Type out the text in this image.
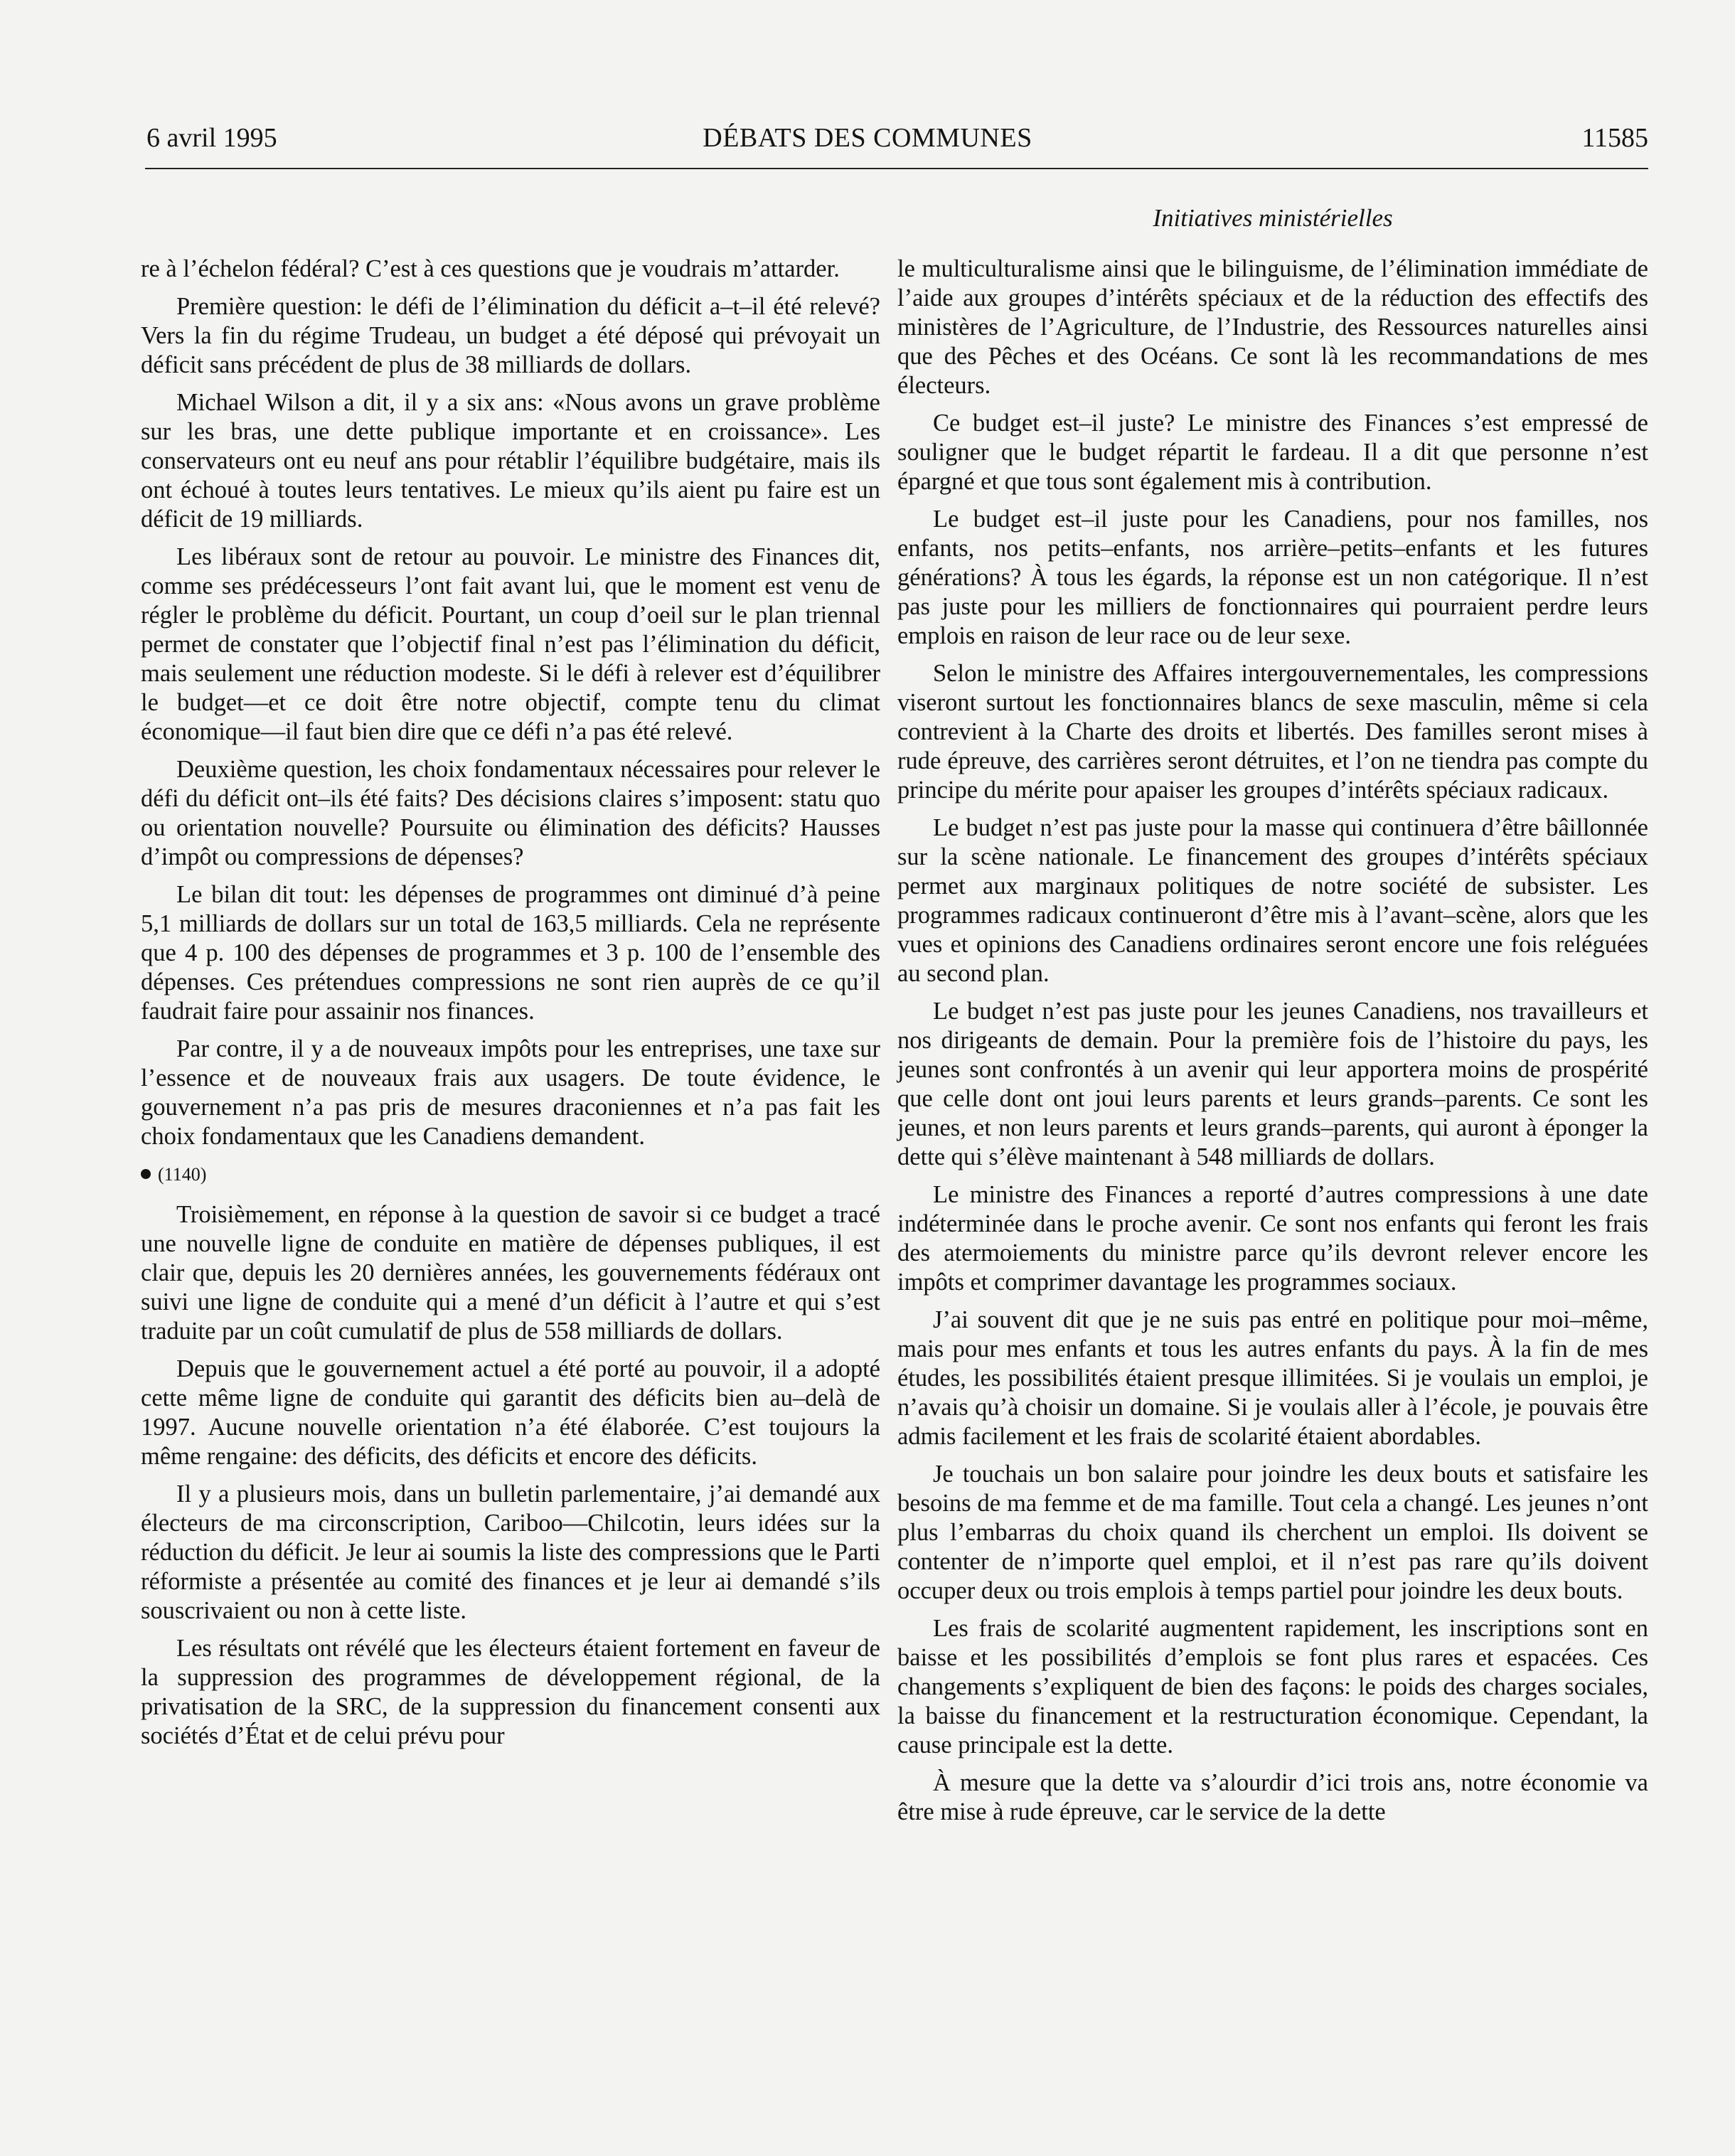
6 avril 1995	DÉBATS DES COMMUNES	11585
Initiatives ministérielles

re à l’échelon fédéral? C’est à ces questions que je voudrais m’attarder.

Première question: le défi de l’élimination du déficit a–t–il été relevé? Vers la fin du régime Trudeau, un budget a été déposé qui prévoyait un déficit sans précédent de plus de 38 milliards de dollars.

Michael Wilson a dit, il y a six ans: «Nous avons un grave problème sur les bras, une dette publique importante et en croissance». Les conservateurs ont eu neuf ans pour rétablir l’équilibre budgétaire, mais ils ont échoué à toutes leurs tentatives. Le mieux qu’ils aient pu faire est un déficit de 19 milliards.

Les libéraux sont de retour au pouvoir. Le ministre des Finances dit, comme ses prédécesseurs l’ont fait avant lui, que le moment est venu de régler le problème du déficit. Pourtant, un coup d’oeil sur le plan triennal permet de constater que l’objectif final n’est pas l’élimination du déficit, mais seulement une réduction modeste. Si le défi à relever est d’équilibrer le budget—et ce doit être notre objectif, compte tenu du climat économique—il faut bien dire que ce défi n’a pas été relevé.

Deuxième question, les choix fondamentaux nécessaires pour relever le défi du déficit ont–ils été faits? Des décisions claires s’imposent: statu quo ou orientation nouvelle? Poursuite ou élimination des déficits? Hausses d’impôt ou compressions de dépenses?

Le bilan dit tout: les dépenses de programmes ont diminué d’à peine 5,1 milliards de dollars sur un total de 163,5 milliards. Cela ne représente que 4 p. 100 des dépenses de programmes et 3 p. 100 de l’ensemble des dépenses. Ces prétendues compressions ne sont rien auprès de ce qu’il faudrait faire pour assainir nos finances.

Par contre, il y a de nouveaux impôts pour les entreprises, une taxe sur l’essence et de nouveaux frais aux usagers. De toute évidence, le gouvernement n’a pas pris de mesures draconiennes et n’a pas fait les choix fondamentaux que les Canadiens demandent.

(1140)

Troisièmement, en réponse à la question de savoir si ce budget a tracé une nouvelle ligne de conduite en matière de dépenses publiques, il est clair que, depuis les 20 dernières années, les gouvernements fédéraux ont suivi une ligne de conduite qui a mené d’un déficit à l’autre et qui s’est traduite par un coût cumulatif de plus de 558 milliards de dollars.

Depuis que le gouvernement actuel a été porté au pouvoir, il a adopté cette même ligne de conduite qui garantit des déficits bien au–delà de 1997. Aucune nouvelle orientation n’a été élaborée. C’est toujours la même rengaine: des déficits, des déficits et encore des déficits.

Il y a plusieurs mois, dans un bulletin parlementaire, j’ai demandé aux électeurs de ma circonscription, Cariboo—Chilcotin, leurs idées sur la réduction du déficit. Je leur ai soumis la liste des compressions que le Parti réformiste a présentée au comité des finances et je leur ai demandé s’ils souscrivaient ou non à cette liste.

Les résultats ont révélé que les électeurs étaient fortement en faveur de la suppression des programmes de développement régional, de la privatisation de la SRC, de la suppression du financement consenti aux sociétés d’État et de celui prévu pour

le multiculturalisme ainsi que le bilinguisme, de l’élimination immédiate de l’aide aux groupes d’intérêts spéciaux et de la réduction des effectifs des ministères de l’Agriculture, de l’Industrie, des Ressources naturelles ainsi que des Pêches et des Océans. Ce sont là les recommandations de mes électeurs.

Ce budget est–il juste? Le ministre des Finances s’est empressé de souligner que le budget répartit le fardeau. Il a dit que personne n’est épargné et que tous sont également mis à contribution.

Le budget est–il juste pour les Canadiens, pour nos familles, nos enfants, nos petits–enfants, nos arrière–petits–enfants et les futures générations? À tous les égards, la réponse est un non catégorique. Il n’est pas juste pour les milliers de fonctionnaires qui pourraient perdre leurs emplois en raison de leur race ou de leur sexe.

Selon le ministre des Affaires intergouvernementales, les compressions viseront surtout les fonctionnaires blancs de sexe masculin, même si cela contrevient à la Charte des droits et libertés. Des familles seront mises à rude épreuve, des carrières seront détruites, et l’on ne tiendra pas compte du principe du mérite pour apaiser les groupes d’intérêts spéciaux radicaux.

Le budget n’est pas juste pour la masse qui continuera d’être bâillonnée sur la scène nationale. Le financement des groupes d’intérêts spéciaux permet aux marginaux politiques de notre société de subsister. Les programmes radicaux continueront d’être mis à l’avant–scène, alors que les vues et opinions des Canadiens ordinaires seront encore une fois reléguées au second plan.

Le budget n’est pas juste pour les jeunes Canadiens, nos travailleurs et nos dirigeants de demain. Pour la première fois de l’histoire du pays, les jeunes sont confrontés à un avenir qui leur apportera moins de prospérité que celle dont ont joui leurs parents et leurs grands–parents. Ce sont les jeunes, et non leurs parents et leurs grands–parents, qui auront à éponger la dette qui s’élève maintenant à 548 milliards de dollars.

Le ministre des Finances a reporté d’autres compressions à une date indéterminée dans le proche avenir. Ce sont nos enfants qui feront les frais des atermoiements du ministre parce qu’ils devront relever encore les impôts et comprimer davantage les programmes sociaux.

J’ai souvent dit que je ne suis pas entré en politique pour moi–même, mais pour mes enfants et tous les autres enfants du pays. À la fin de mes études, les possibilités étaient presque illimitées. Si je voulais un emploi, je n’avais qu’à choisir un domaine. Si je voulais aller à l’école, je pouvais être admis facilement et les frais de scolarité étaient abordables.

Je touchais un bon salaire pour joindre les deux bouts et satisfaire les besoins de ma femme et de ma famille. Tout cela a changé. Les jeunes n’ont plus l’embarras du choix quand ils cherchent un emploi. Ils doivent se contenter de n’importe quel emploi, et il n’est pas rare qu’ils doivent occuper deux ou trois emplois à temps partiel pour joindre les deux bouts.

Les frais de scolarité augmentent rapidement, les inscriptions sont en baisse et les possibilités d’emplois se font plus rares et espacées. Ces changements s’expliquent de bien des façons: le poids des charges sociales, la baisse du financement et la restructuration économique. Cependant, la cause principale est la dette.

À mesure que la dette va s’alourdir d’ici trois ans, notre économie va être mise à rude épreuve, car le service de la dette
